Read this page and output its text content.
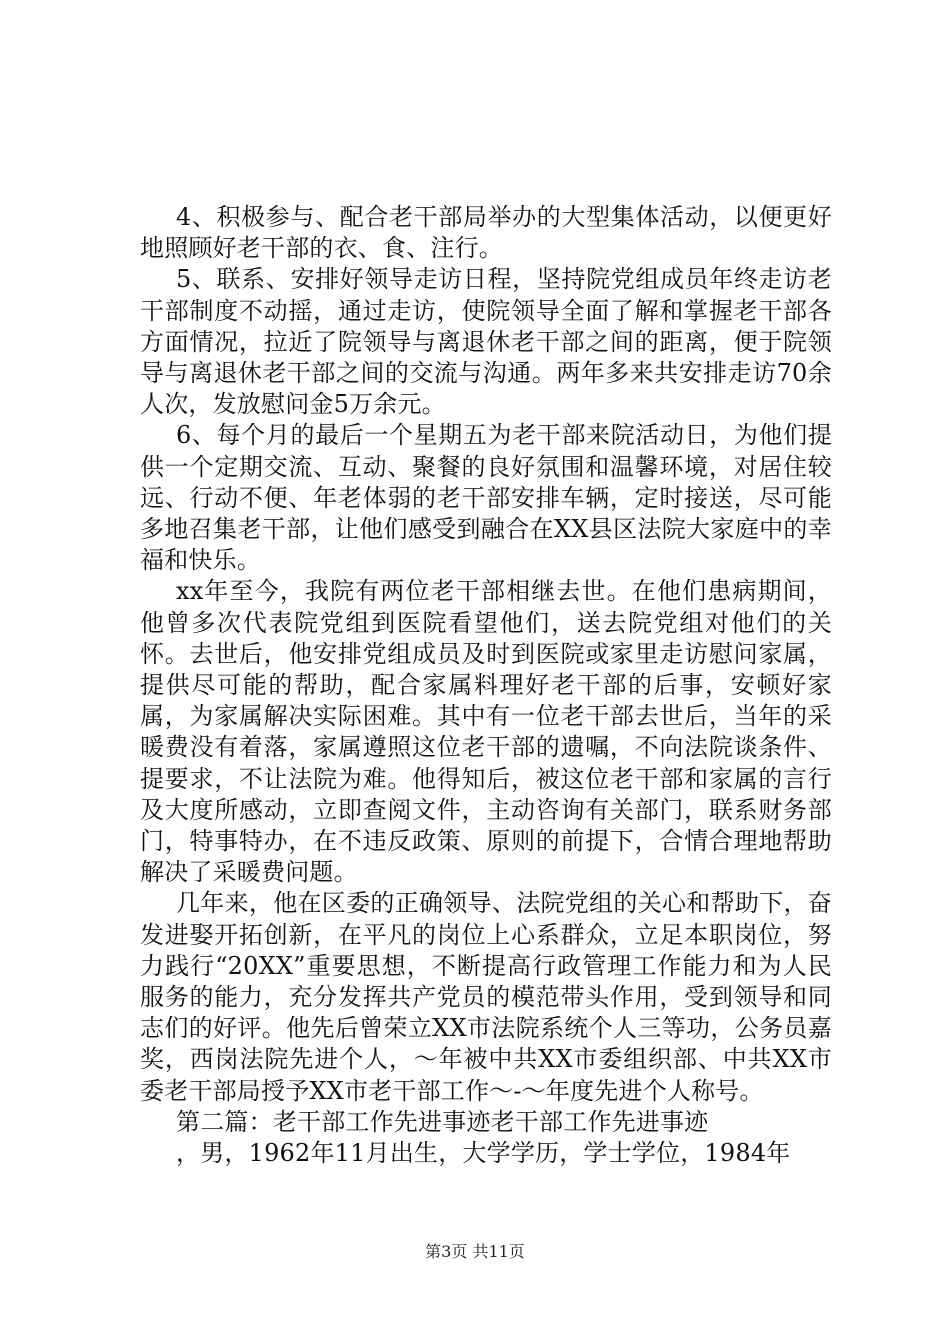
4、积极参与、配合老干部局举办的大型集体活动，以便更好地照顾好老干部的衣、食、注行。

5、联系、安排好领导走访日程，坚持院党组成员年终走访老干部制度不动摇，通过走访，使院领导全面了解和掌握老干部各方面情况，拉近了院领导与离退休老干部之间的距离，便于院领导与离退休老干部之间的交流与沟通。两年多来共安排走访70余人次，发放慰问金5万余元。

6、每个月的最后一个星期五为老干部来院活动日，为他们提供一个定期交流、互动、聚餐的良好氛围和温馨环境，对居住较远、行动不便、年老体弱的老干部安排车辆，定时接送，尽可能多地召集老干部，让他们感受到融合在XX县区法院大家庭中的幸福和快乐。

xx年至今，我院有两位老干部相继去世。在他们患病期间，他曾多次代表院党组到医院看望他们，送去院党组对他们的关怀。去世后，他安排党组成员及时到医院或家里走访慰问家属，提供尽可能的帮助，配合家属料理好老干部的后事，安顿好家属，为家属解决实际困难。其中有一位老干部去世后，当年的采暖费没有着落，家属遵照这位老干部的遗嘱，不向法院谈条件、提要求，不让法院为难。他得知后，被这位老干部和家属的言行及大度所感动，立即查阅文件，主动咨询有关部门，联系财务部门，特事特办，在不违反政策、原则的前提下，合情合理地帮助解决了采暖费问题。

几年来，他在区委的正确领导、法院党组的关心和帮助下，奋发进娶开拓创新，在平凡的岗位上心系群众，立足本职岗位，努力践行“20XX”重要思想，不断提高行政管理工作能力和为人民服务的能力，充分发挥共产党员的模范带头作用，受到领导和同志们的好评。他先后曾荣立XX市法院系统个人三等功，公务员嘉奖，西岗法院先进个人，～年被中共XX市委组织部、中共XX市委老干部局授予XX市老干部工作～-～年度先进个人称号。

第二篇：老干部工作先进事迹老干部工作先进事迹

，男，1962年11月出生，大学学历，学士学位，1984年

第3页 共11页
